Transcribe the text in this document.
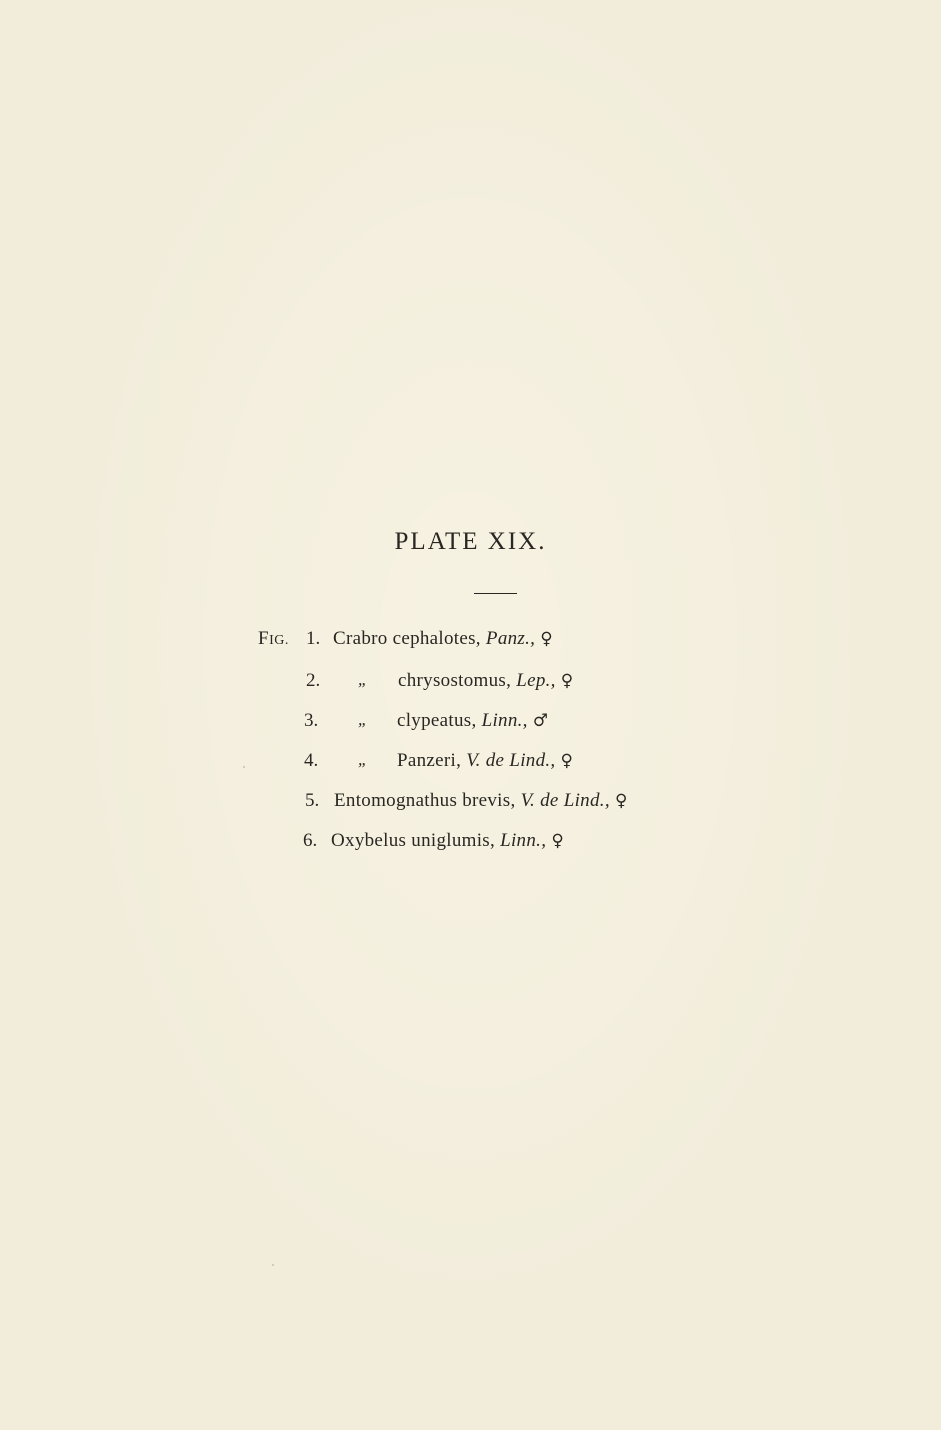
PLATE XIX.
FIG. 1. Crabro cephalotes, Panz., ♀
2. „ chrysostomus, Lep., ♀
3. „ clypeatus, Linn., ♂
4. „ Panzeri, V. de Lind., ♀
5. Entomognathus brevis, V. de Lind., ♀
6. Oxybelus uniglumis, Linn., ♀
